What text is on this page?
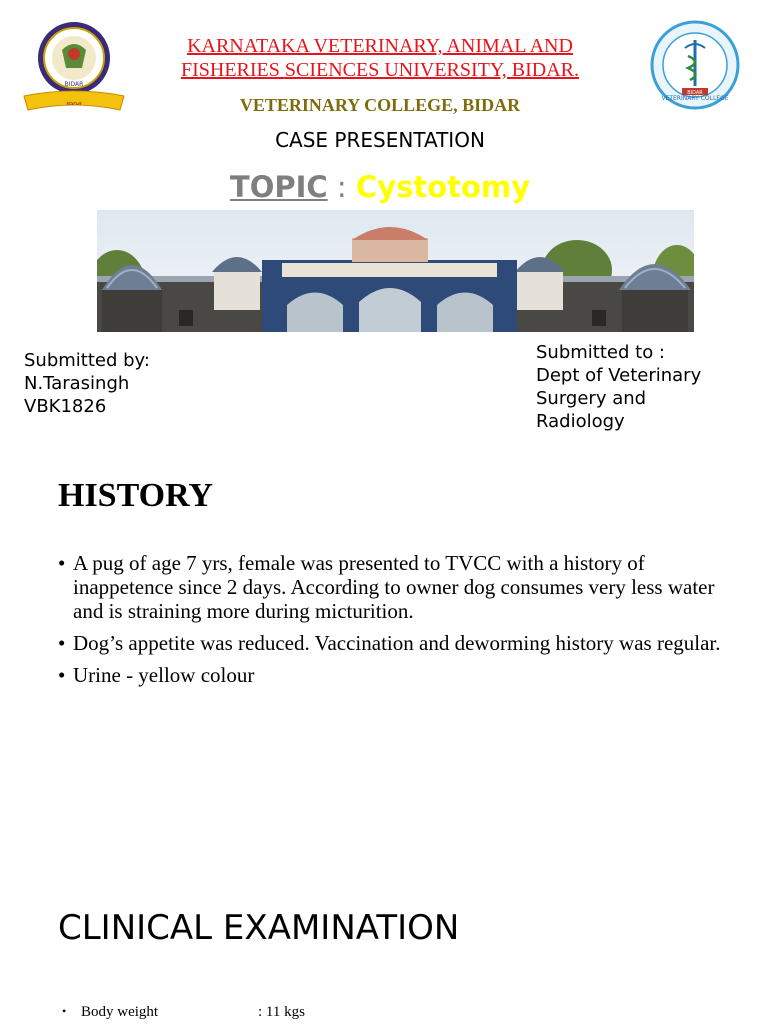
BIDAR
ಕರ್ನಾಟಕ
VETERINARY COLLEGE
BIDAR
KARNATAKA VETERINARY, ANIMAL AND
FISHERIES SCIENCES UNIVERSITY, BIDAR.
VETERINARY COLLEGE, BIDAR
CASE PRESENTATION
TOPIC : Cystotomy
Submitted by:
N.Tarasingh
VBK1826
Submitted to :
Dept of Veterinary
Surgery and
Radiology
HISTORY
• A pug of age 7 yrs, female was presented to TVCC with a history of inappetence since 2 days. According to owner dog consumes very less water and is straining more during micturition.
• Dog’s appetite was reduced. Vaccination and deworming history was regular.
• Urine - yellow colour
CLINICAL EXAMINATION
• Body weight	: 11 kgs
